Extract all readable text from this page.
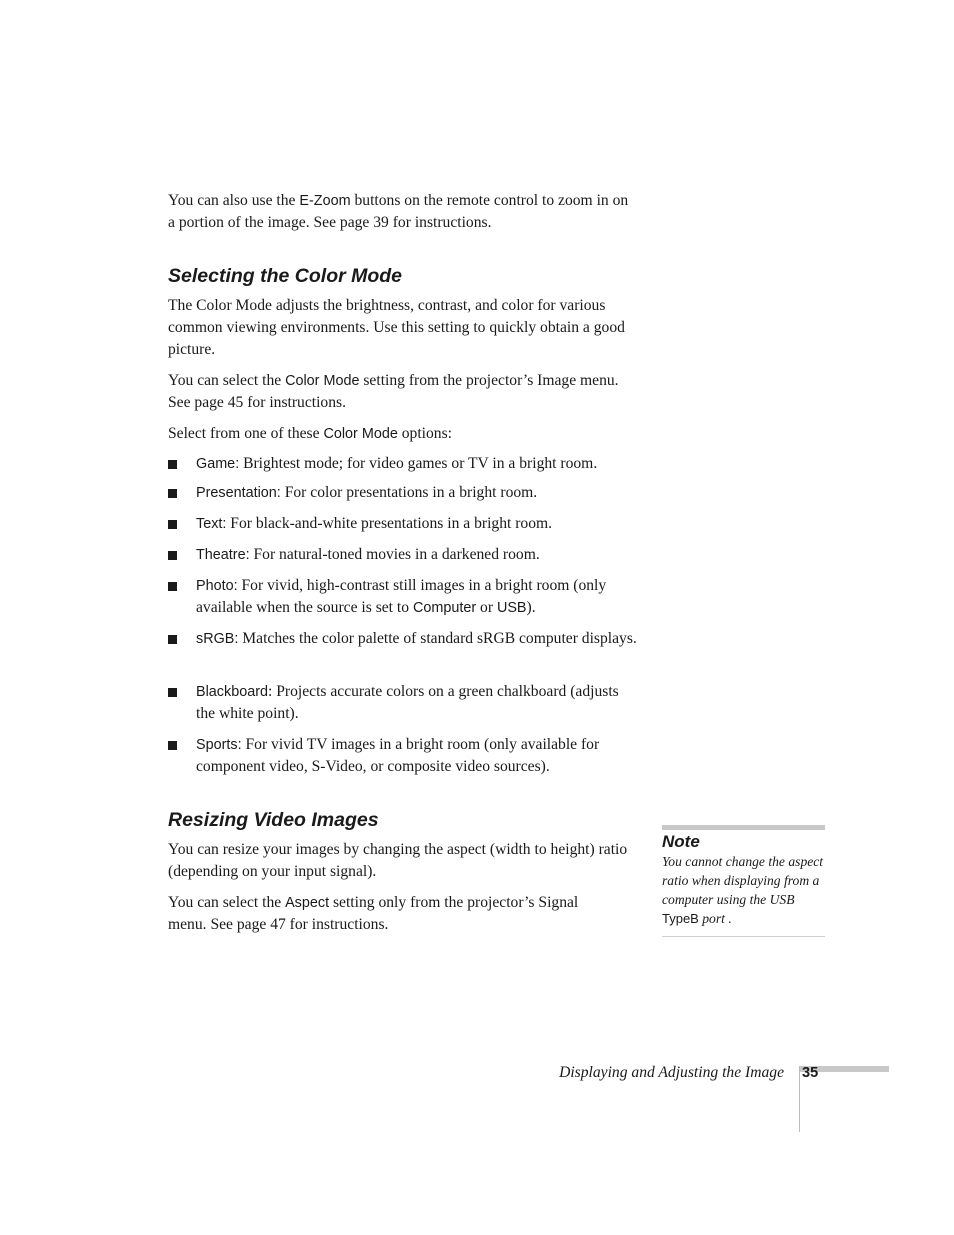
You can also use the E-Zoom buttons on the remote control to zoom in on a portion of the image. See page 39 for instructions.

Selecting the Color Mode

The Color Mode adjusts the brightness, contrast, and color for various common viewing environments. Use this setting to quickly obtain a good picture.

You can select the Color Mode setting from the projector’s Image menu. See page 45 for instructions.

Select from one of these Color Mode options:

Game: Brightest mode; for video games or TV in a bright room.
Presentation: For color presentations in a bright room.
Text: For black-and-white presentations in a bright room.
Theatre: For natural-toned movies in a darkened room.
Photo: For vivid, high-contrast still images in a bright room (only available when the source is set to Computer or USB).
sRGB: Matches the color palette of standard sRGB computer displays.
Blackboard: Projects accurate colors on a green chalkboard (adjusts the white point).
Sports: For vivid TV images in a bright room (only available for component video, S-Video, or composite video sources).
Resizing Video Images

You can resize your images by changing the aspect (width to height) ratio (depending on your input signal).

You can select the Aspect setting only from the projector’s Signal menu. See page 47 for instructions.

Note
You cannot change the aspect ratio when displaying from a computer using the USB TypeB port .
Displaying and Adjusting the Image 35
